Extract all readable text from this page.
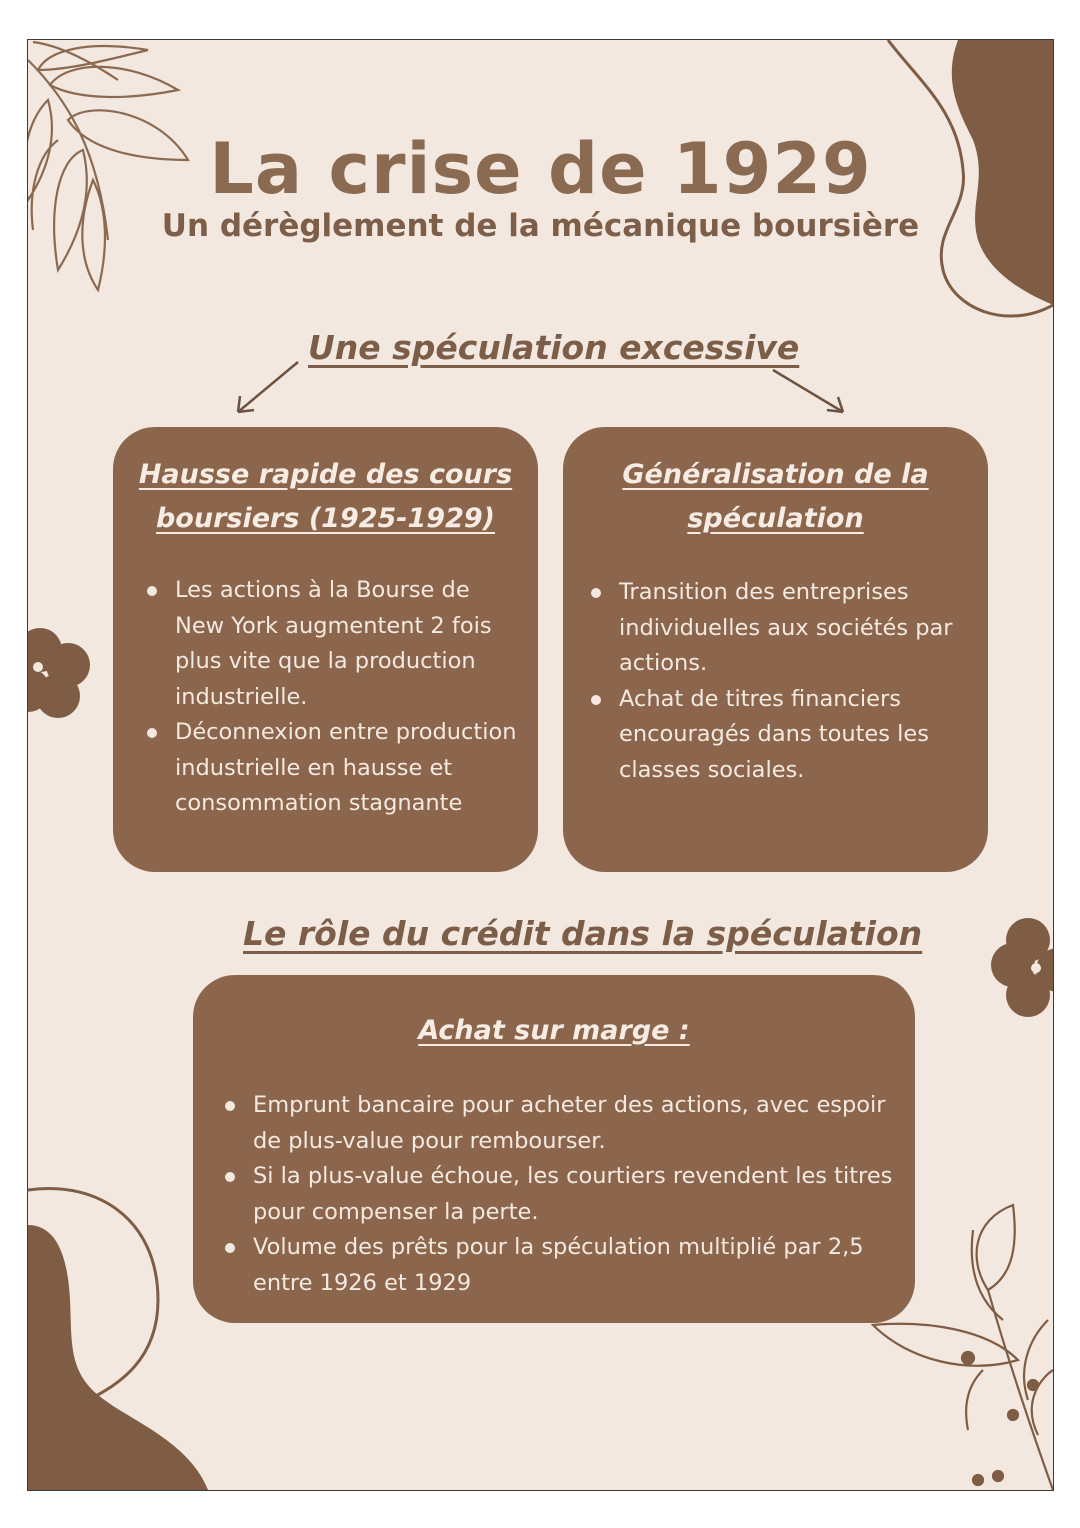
La crise de 1929
Un dérèglement de la mécanique boursière
Une spéculation excessive
Hausse rapide des cours boursiers (1925-1929)
Les actions à la Bourse de New York augmentent 2 fois plus vite que la production industrielle.
Déconnexion entre production industrielle en hausse et consommation stagnante
Généralisation de la spéculation
Transition des entreprises individuelles aux sociétés par actions.
Achat de titres financiers encouragés dans toutes les classes sociales.
Le rôle du crédit dans la spéculation
Achat sur marge :
Emprunt bancaire pour acheter des actions, avec espoir de plus-value pour rembourser.
Si la plus-value échoue, les courtiers revendent les titres pour compenser la perte.
Volume des prêts pour la spéculation multiplié par 2,5 entre 1926 et 1929
